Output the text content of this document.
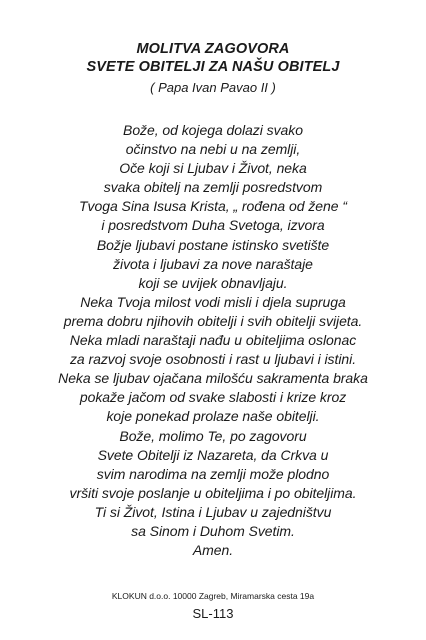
MOLITVA ZAGOVORA
SVETE OBITELJI ZA NAŠU OBITELJ
( Papa Ivan Pavao II )
Bože, od kojega dolazi svako
očinstvo na nebi u na zemlji,
Oče koji si Ljubav i Život, neka
svaka obitelj na zemlji posredstvom
Tvoga Sina Isusa Krista, „ rođena od žene “
i posredstvom Duha Svetoga, izvora
Božje ljubavi postane istinsko svetište
života i ljubavi za nove naraštaje
koji se uvijek obnavljaju.
Neka Tvoja milost vodi misli i djela supruga
prema dobru njihovih obitelji i svih obitelji svijeta.
Neka mladi naraštaji nađu u obiteljima oslonac
za razvoj svoje osobnosti i rast u ljubavi i istini.
Neka se ljubav ojačana milošću sakramenta braka
pokaže jačom od svake slabosti i krize kroz
koje ponekad prolaze naše obitelji.
Bože, molimo Te, po zagovoru
Svete Obitelji iz Nazareta, da Crkva u
svim narodima na zemlji može plodno
vršiti svoje poslanje u obiteljima i po obiteljima.
Ti si Život, Istina i Ljubav u zajedništvu
sa Sinom i Duhom Svetim.
Amen.
KLOKUN d.o.o. 10000 Zagreb, Miramarska cesta 19a
SL-113
